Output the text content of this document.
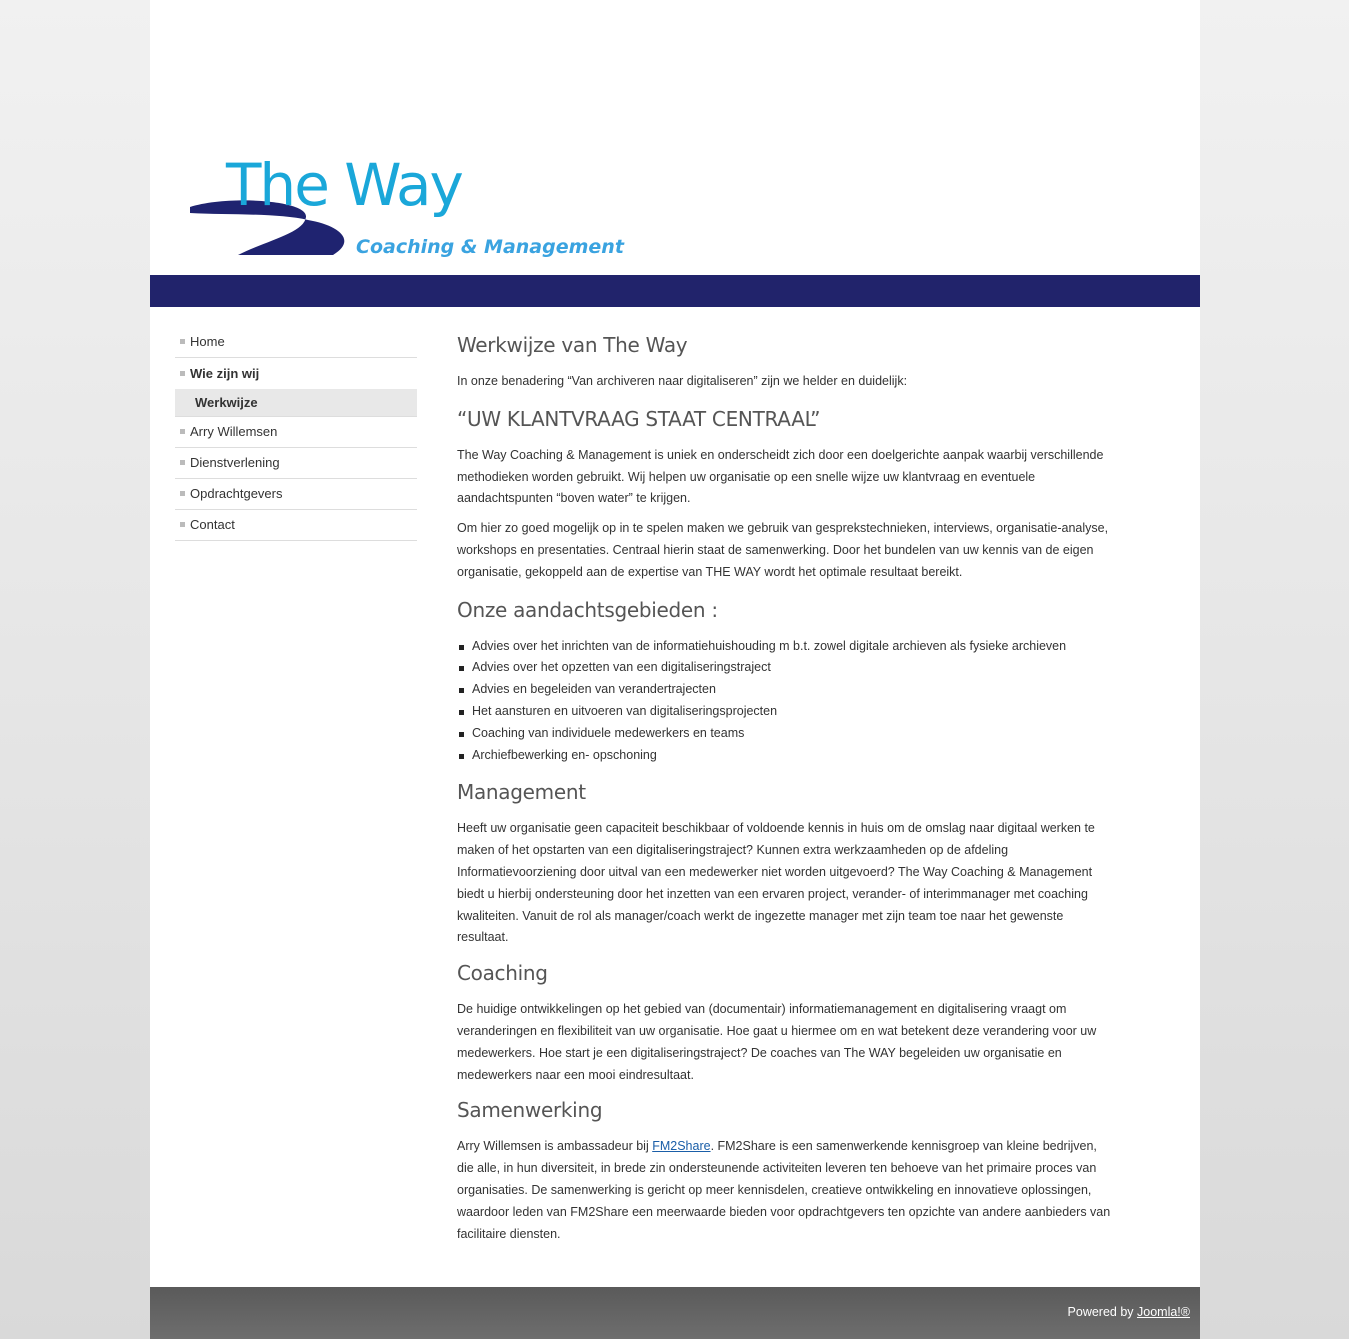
The Way
Coaching & Management
Home
Wie zijn wij
Werkwijze
Arry Willemsen
Dienstverlening
Opdrachtgevers
Contact
Werkwijze van The Way

In onze benadering “Van archiveren naar digitaliseren” zijn we helder en duidelijk:

“UW KLANTVRAAG STAAT CENTRAAL”

The Way Coaching & Management is uniek en onderscheidt zich door een doelgerichte aanpak waarbij verschillende methodieken worden gebruikt. Wij helpen uw organisatie op een snelle wijze uw klantvraag en eventuele aandachtspunten “boven water” te krijgen.

Om hier zo goed mogelijk op in te spelen maken we gebruik van gesprekstechnieken, interviews, organisatie-analyse, workshops en presentaties. Centraal hierin staat de samenwerking. Door het bundelen van uw kennis van de eigen organisatie, gekoppeld aan de expertise van THE WAY wordt het optimale resultaat bereikt.

Onze aandachtsgebieden :
Advies over het inrichten van de informatiehuishouding m b.t. zowel digitale archieven als fysieke archieven
Advies over het opzetten van een digitaliseringstraject
Advies en begeleiden van verandertrajecten
Het aansturen en uitvoeren van digitaliseringsprojecten
Coaching van individuele medewerkers en teams
Archiefbewerking en- opschoning
Management

Heeft uw organisatie geen capaciteit beschikbaar of voldoende kennis in huis om de omslag naar digitaal werken te maken of het opstarten van een digitaliseringstraject? Kunnen extra werkzaamheden op de afdeling Informatievoorziening door uitval van een medewerker niet worden uitgevoerd? The Way Coaching & Management biedt u hierbij ondersteuning door het inzetten van een ervaren project, verander- of interimmanager met coaching kwaliteiten. Vanuit de rol als manager/coach werkt de ingezette manager met zijn team toe naar het gewenste resultaat.

Coaching

De huidige ontwikkelingen op het gebied van (documentair) informatiemanagement en digitalisering vraagt om veranderingen en flexibiliteit van uw organisatie. Hoe gaat u hiermee om en wat betekent deze verandering voor uw medewerkers. Hoe start je een digitaliseringstraject? De coaches van The WAY begeleiden uw organisatie en medewerkers naar een mooi eindresultaat.

Samenwerking

Arry Willemsen is ambassadeur bij FM2Share. FM2Share is een samenwerkende kennisgroep van kleine bedrijven, die alle, in hun diversiteit, in brede zin ondersteunende activiteiten leveren ten behoeve van het primaire proces van organisaties. De samenwerking is gericht op meer kennisdelen, creatieve ontwikkeling en innovatieve oplossingen, waardoor leden van FM2Share een meerwaarde bieden voor opdrachtgevers ten opzichte van andere aanbieders van facilitaire diensten.

Powered by Joomla!®
